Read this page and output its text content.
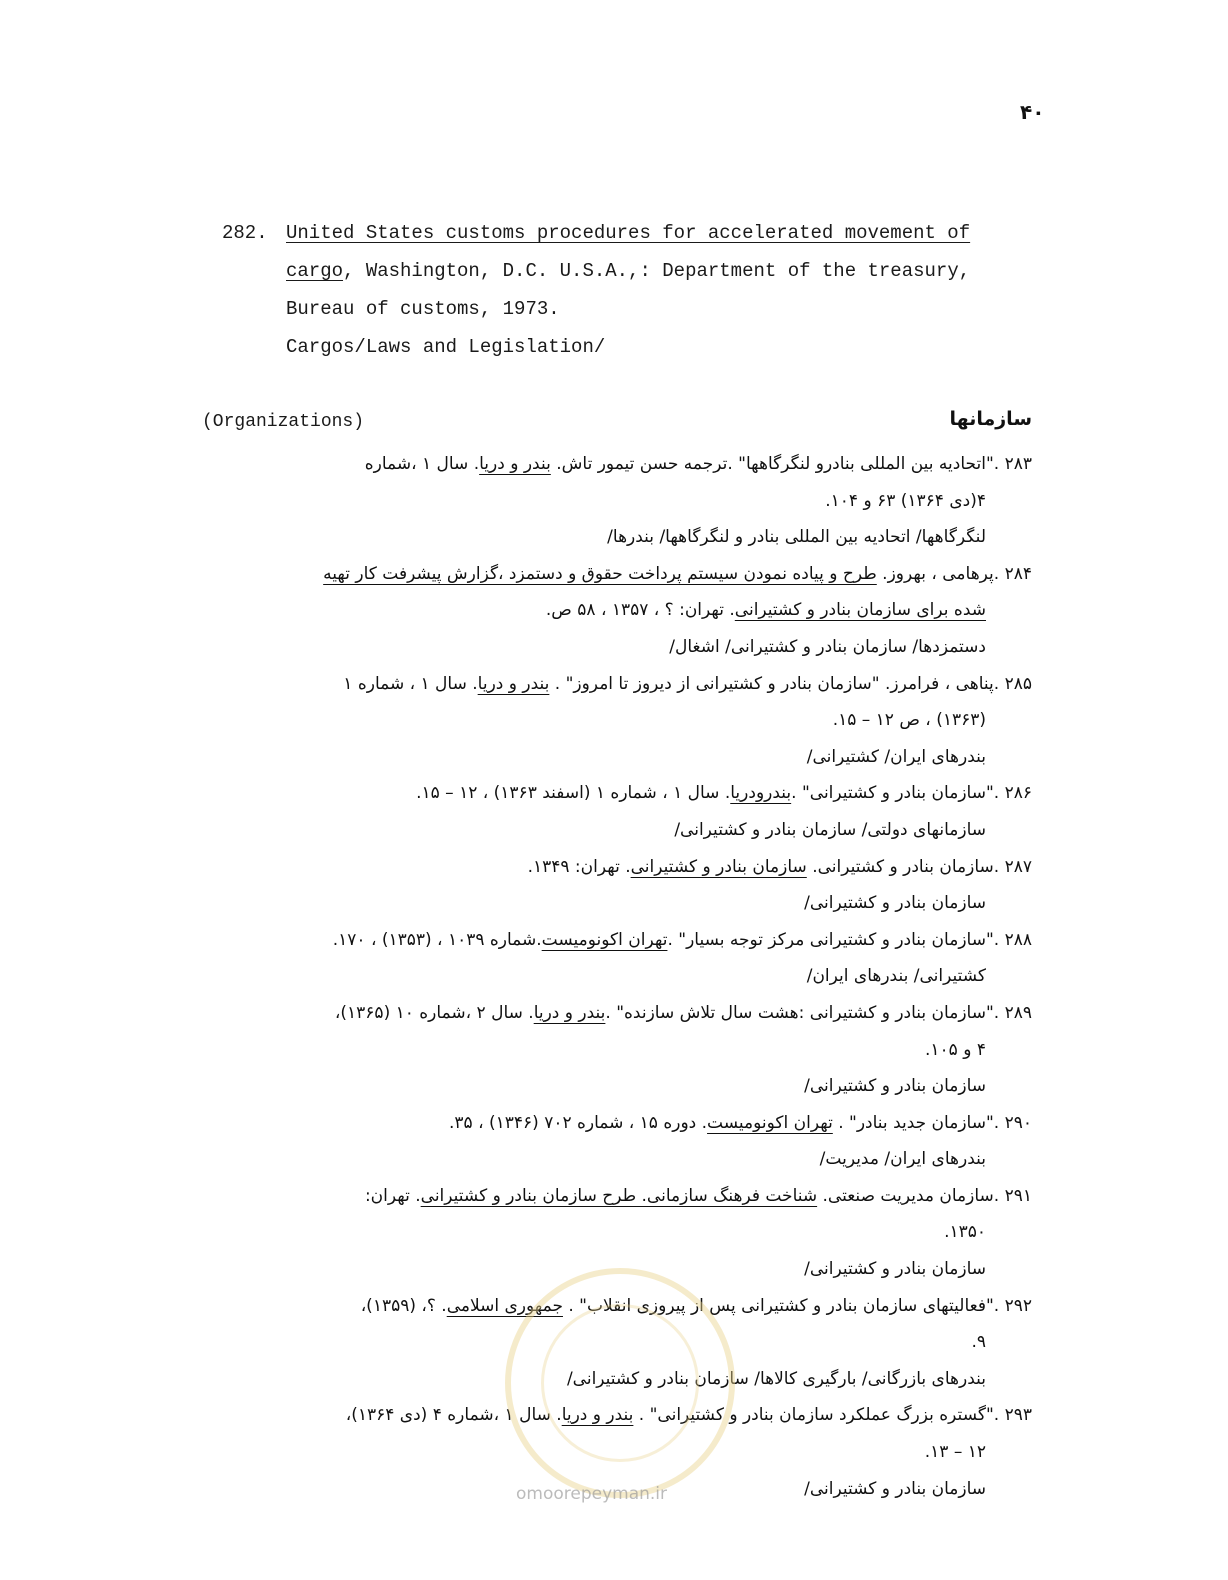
۴۰
282. United States customs procedures for accelerated movement of
cargo, Washington, D.C. U.S.A.,: Department of the treasury,
Bureau of customs, 1973.
Cargos/Laws and Legislation/
(Organizations)	سازمانها
۲۸۳ ."اتحادیه بین المللی بنادرو لنگرگاهها" .ترجمه حسن تیمور تاش. بندر و دریا. سال ۱ ،شماره
۴(دی ۱۳۶۴) ۶۳ و ۱۰۴.
لنگرگاهها/ اتحادیه بین المللی بنادر و لنگرگاهها/ بندرها/
۲۸۴ .پرهامی ، بهروز. طرح و پیاده نمودن سیستم پرداخت حقوق و دستمزد ،گزارش پیشرفت کار تهیه
شده برای سازمان بنادر و کشتیرانی. تهران: ؟ ، ۱۳۵۷ ، ۵۸ ص.
دستمزدها/ سازمان بنادر و کشتیرانی/ اشغال/
۲۸۵ .پناهی ، فرامرز. "سازمان بنادر و کشتیرانی از دیروز تا امروز" . بندر و دریا. سال ۱ ، شماره ۱
(۱۳۶۳) ، ص ۱۲ – ۱۵.
بندرهای ایران/ کشتیرانی/
۲۸۶ ."سازمان بنادر و کشتیرانی" .بندرودریا. سال ۱ ، شماره ۱ (اسفند ۱۳۶۳) ، ۱۲ – ۱۵.
سازمانهای دولتی/ سازمان بنادر و کشتیرانی/
۲۸۷ .سازمان بنادر و کشتیرانی. سازمان بنادر و کشتیرانی. تهران: ۱۳۴۹.
سازمان بنادر و کشتیرانی/
۲۸۸ ."سازمان بنادر و کشتیرانی مرکز توجه بسیار" .تهران اکونومیست.شماره ۱۰۳۹ ، (۱۳۵۳) ، ۱۷۰.
کشتیرانی/ بندرهای ایران/
۲۸۹ ."سازمان بنادر و کشتیرانی :هشت سال تلاش سازنده" .بندر و دریا. سال ۲ ،شماره ۱۰ (۱۳۶۵)،
۴ و ۱۰۵.
سازمان بنادر و کشتیرانی/
۲۹۰ ."سازمان جدید بنادر" . تهران اکونومیست. دوره ۱۵ ، شماره ۷۰۲ (۱۳۴۶) ، ۳۵.
بندرهای ایران/ مدیریت/
۲۹۱ .سازمان مدیریت صنعتی. شناخت فرهنگ سازمانی. طرح سازمان بنادر و کشتیرانی. تهران:
۱۳۵۰.
سازمان بنادر و کشتیرانی/
۲۹۲ ."فعالیتهای سازمان بنادر و کشتیرانی پس از پیروزی انقلاب" . جمهوری اسلامی. ؟، (۱۳۵۹)،
۹.
بندرهای بازرگانی/ بارگیری کالاها/ سازمان بنادر و کشتیرانی/
۲۹۳ ."گستره بزرگ عملکرد سازمان بنادر و کشتیرانی" . بندر و دریا. سال ۱ ،شماره ۴ (دی ۱۳۶۴)،
۱۲ – ۱۳.
سازمان بنادر و کشتیرانی/
omoorepeyman.ir
